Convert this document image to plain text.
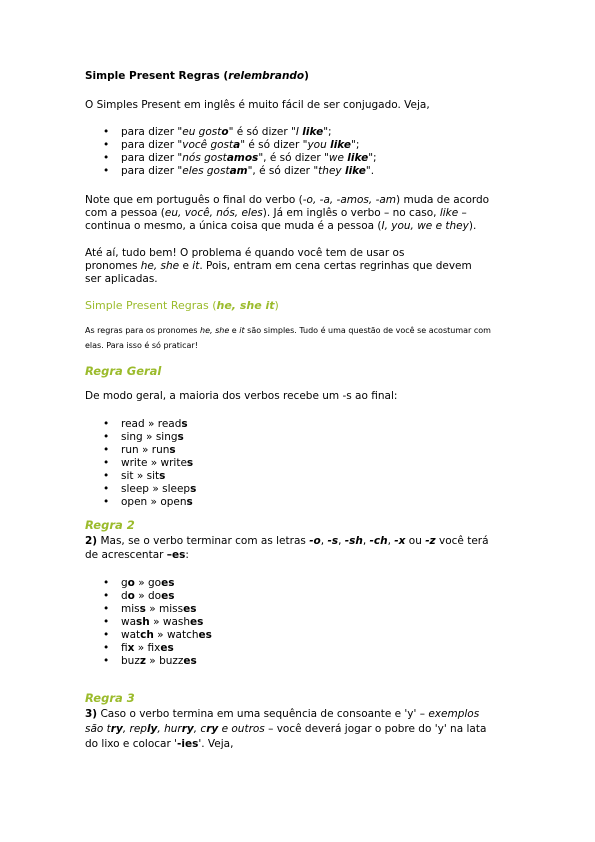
Simple Present Regras (relembrando)
O Simples Present em inglês é muito fácil de ser conjugado. Veja,
• para dizer "eu gosto" é só dizer "I like";
• para dizer "você gosta" é só dizer "you like";
• para dizer "nós gostamos", é só dizer "we like";
• para dizer "eles gostam", é só dizer "they like".
Note que em português o final do verbo (-o, -a, -amos, -am) muda de acordo
com a pessoa (eu, você, nós, eles). Já em inglês o verbo – no caso, like –
continua o mesmo, a única coisa que muda é a pessoa (I, you, we e they).
Até aí, tudo bem! O problema é quando você tem de usar os
pronomes he, she e it. Pois, entram em cena certas regrinhas que devem
ser aplicadas.
Simple Present Regras (he, she it)
As regras para os pronomes he, she e it são simples. Tudo é uma questão de você se acostumar com
elas. Para isso é só praticar!
Regra Geral
De modo geral, a maioria dos verbos recebe um -s ao final:
• read » reads
• sing » sings
• run » runs
• write » writes
• sit » sits
• sleep » sleeps
• open » opens
Regra 2
2) Mas, se o verbo terminar com as letras -o, -s, -sh, -ch, -x ou -z você terá
de acrescentar –es:
• go » goes
• do » does
• miss » misses
• wash » washes
• watch » watches
• fix » fixes
• buzz » buzzes
Regra 3
3) Caso o verbo termina em uma sequência de consoante e 'y' – exemplos
são try, reply, hurry, cry e outros – você deverá jogar o pobre do 'y' na lata
do lixo e colocar '-ies'. Veja,
